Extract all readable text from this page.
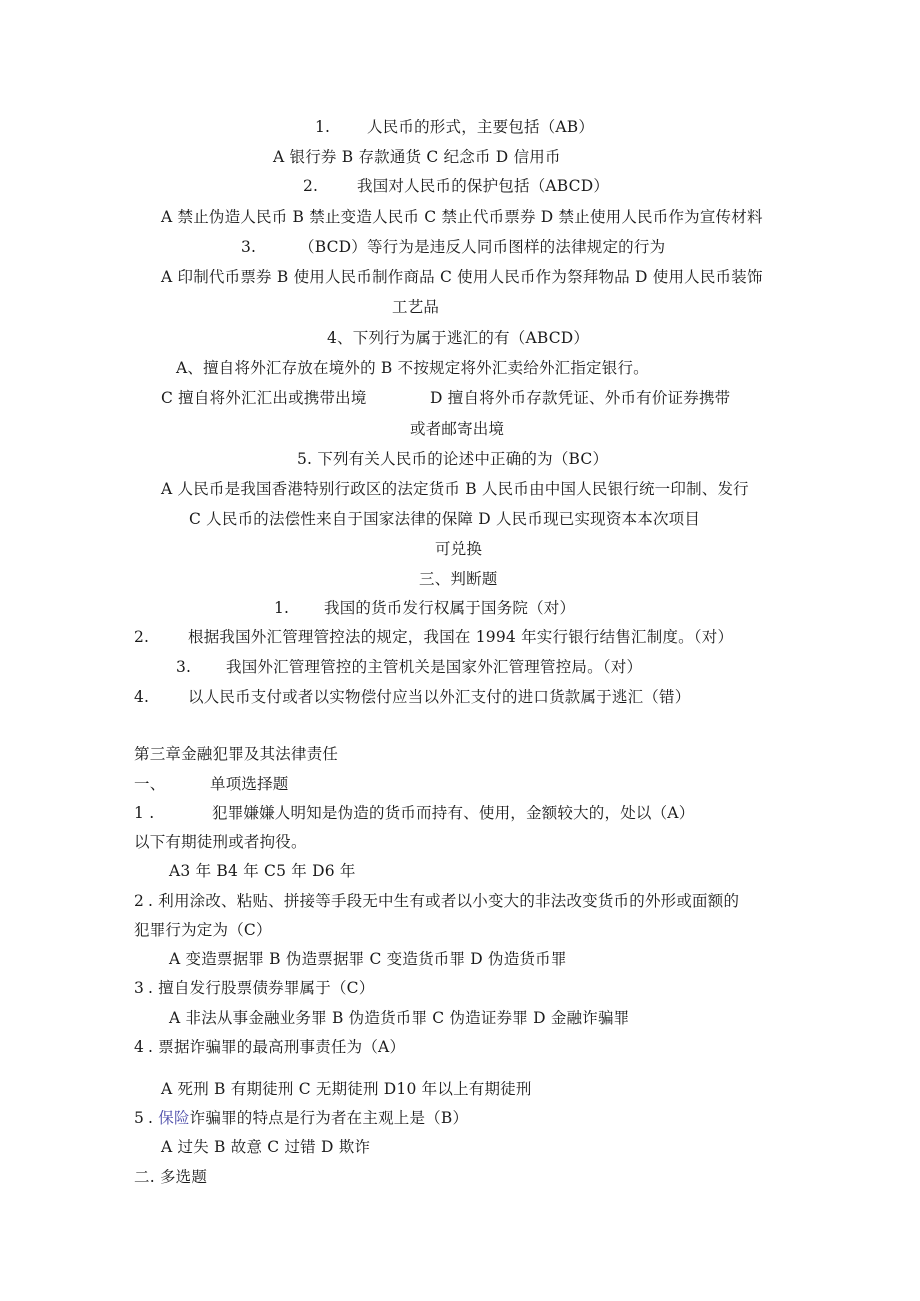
1. 人民币的形式，主要包括（AB）
A 银行券 B 存款通货 C 纪念币 D 信用币
2.	我国对人民币的保护包括（ABCD）
A 禁止伪造人民币 B 禁止变造人民币 C 禁止代币票券 D 禁止使用人民币作为宣传材料
3.	（BCD）等行为是违反人同币图样的法律规定的行为
A 印制代币票券 B 使用人民币制作商品 C 使用人民币作为祭拜物品 D 使用人民币装饰
工艺品
4、下列行为属于逃汇的有（ABCD）
A、擅自将外汇存放在境外的 B 不按规定将外汇卖给外汇指定银行。
C 擅自将外汇汇出或携带出境	D 擅自将外币存款凭证、外币有价证券携带
或者邮寄出境
5. 下列有关人民币的论述中正确的为（BC）
A 人民币是我国香港特别行政区的法定货币 B 人民币由中国人民银行统一印制、发行
C 人民币的法偿性来自于国家法律的保障 D 人民币现已实现资本本次项目
可兑换
三、判断题
1. 我国的货币发行权属于国务院（对）
2.	根据我国外汇管理管控法的规定，我国在 1994 年实行银行结售汇制度。（对）
3. 我国外汇管理管控的主管机关是国家外汇管理管控局。（对）
4.	以人民币支付或者以实物偿付应当以外汇支付的进口货款属于逃汇（错）
第三章金融犯罪及其法律责任
一、	单项选择题
1 .	犯罪嫌嫌人明知是伪造的货币而持有、使用，金额较大的，处以（A）
以下有期徒刑或者拘役。
A3 年 B4 年 C5 年 D6 年
2 . 利用涂改、粘贴、拼接等手段无中生有或者以小变大的非法改变货币的外形或面额的
犯罪行为定为（C）
A 变造票据罪 B 伪造票据罪 C 变造货币罪 D 伪造货币罪
3 . 擅自发行股票债券罪属于（C）
A 非法从事金融业务罪 B 伪造货币罪 C 伪造证券罪 D 金融诈骗罪
4 . 票据诈骗罪的最高刑事责任为（A）
A 死刑 B 有期徒刑 C 无期徒刑 D10 年以上有期徒刑
5 . 保险诈骗罪的特点是行为者在主观上是（B）
A 过失 B 故意 C 过错 D 欺诈
二. 多选题
